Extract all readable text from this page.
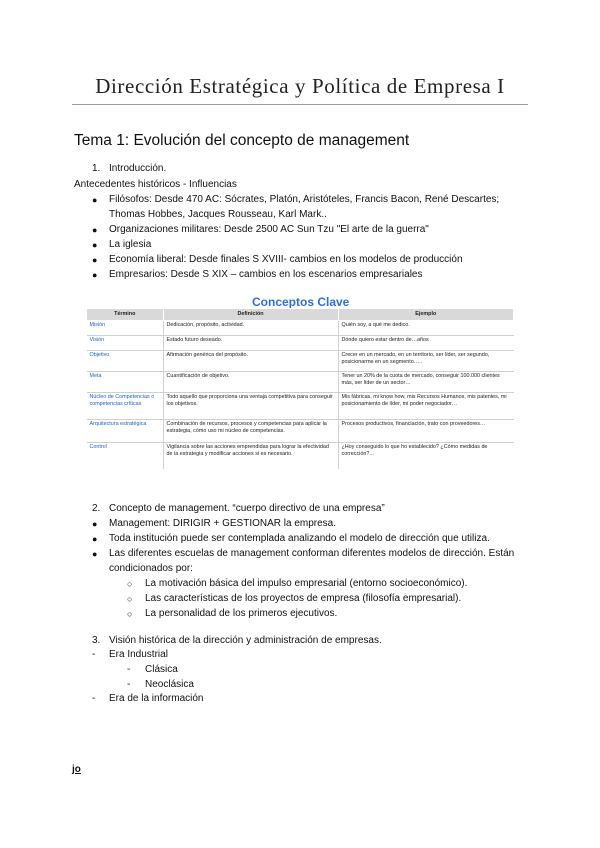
Dirección Estratégica y Política de Empresa I
Tema 1: Evolución del concepto de management
1. Introducción.
Antecedentes históricos - Influencias
● Filósofos: Desde 470 AC: Sócrates, Platón, Aristóteles, Francis Bacon, René Descartes;
Thomas Hobbes, Jacques Rousseau, Karl Mark..
● Organizaciones militares: Desde 2500 AC Sun Tzu "El arte de la guerra"
● La iglesia
● Economía liberal: Desde finales S XVIII- cambios en los modelos de producción
● Empresarios: Desde S XIX – cambios en los escenarios empresariales
Conceptos Clave
Término	Definición	Ejemplo
Misión	Dedicación, propósito, actividad.	Quién soy, a qué me dedico.
Visión	Estado futuro deseado.	Dónde quiero estar dentro de…años
Objetivo	Afirmación genérica del propósito.	Crecer en un mercado, en un territorio, ser líder, ser segundo, posicionarme en un segmento…..
Meta	Cuantificación de objetivo.	Tener un 20% de la cuota de mercado, conseguir 100.000 clientes más, ser líder de un sector…
Núcleo de Competencias o competencias críticas	Todo aquello que proporciona una ventaja competitiva para conseguir los objetivos.	Mis fábricas, mi know how, mis Recursos Humanos, mis patentes, mi posicionamiento de líder, mi poder negociador…
Arquitectura estratégica	Combinación de recursos, procesos y competencias para aplicar la estrategia, cómo uso mi núcleo de competencias.	Procesos productivos, financiación, trato con proveedores…
Control	Vigilancia sobre las acciones emprendidas para lograr la efectividad de la estrategia y modificar acciones si es necesario.	¿Hoy conseguido lo que ho establecido? ¿Cómo medidas de corrección?...
2. Concepto de management. “cuerpo directivo de una empresa”
● Management: DIRIGIR + GESTIONAR la empresa.
● Toda institución puede ser contemplada analizando el modelo de dirección que utiliza.
● Las diferentes escuelas de management conforman diferentes modelos de dirección. Están
condicionados por:
○ La motivación básica del impulso empresarial (entorno socioeconómico).
○ Las características de los proyectos de empresa (filosofía empresarial).
○ La personalidad de los primeros ejecutivos.
3. Visión histórica de la dirección y administración de empresas.
- Era Industrial
- Clásica
- Neoclásica
- Era de la información
jo
